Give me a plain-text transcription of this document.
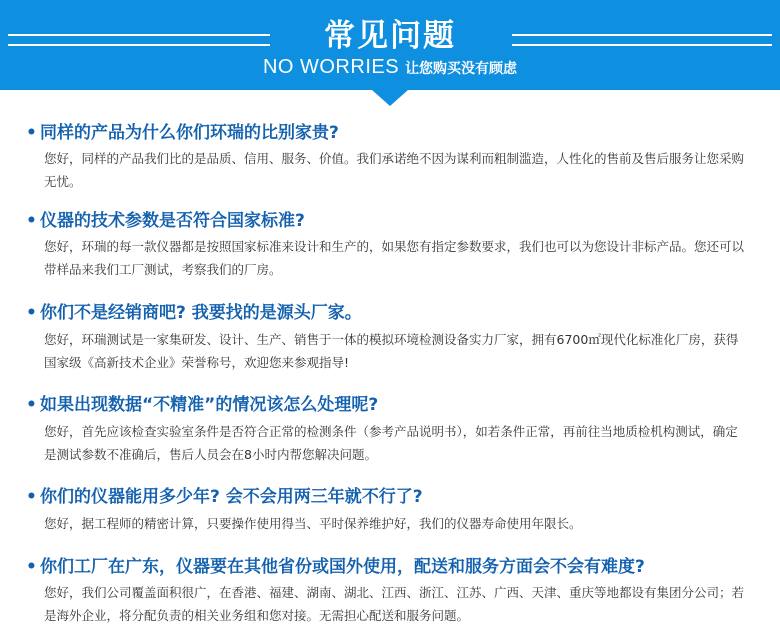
常见问题
NO WORRIES 让您购买没有顾虑
• 同样的产品为什么你们环瑞的比别家贵?
您好，同样的产品我们比的是品质、信用、服务、价值。我们承诺绝不因为谋利而粗制滥造，人性化的售前及售后服务让您采购无忧。
• 仪器的技术参数是否符合国家标准?
您好，环瑞的每一款仪器都是按照国家标准来设计和生产的，如果您有指定参数要求，我们也可以为您设计非标产品。您还可以带样品来我们工厂测试，考察我们的厂房。
• 你们不是经销商吧? 我要找的是源头厂家。
您好，环瑞测试是一家集研发、设计、生产、销售于一体的模拟环境检测设备实力厂家，拥有6700㎡现代化标准化厂房，获得国家级《高新技术企业》荣誉称号，欢迎您来参观指导!
• 如果出现数据“不精准”的情况该怎么处理呢?
您好，首先应该检查实验室条件是否符合正常的检测条件（参考产品说明书），如若条件正常，再前往当地质检机构测试，确定是测试参数不准确后，售后人员会在8小时内帮您解决问题。
• 你们的仪器能用多少年? 会不会用两三年就不行了?
您好，据工程师的精密计算，只要操作使用得当、平时保养维护好，我们的仪器寿命使用年限长。
• 你们工厂在广东，仪器要在其他省份或国外使用，配送和服务方面会不会有难度?
您好，我们公司覆盖面积很广，在香港、福建、湖南、湖北、江西、浙江、江苏、广西、天津、重庆等地都设有集团分公司；若是海外企业，将分配负责的相关业务组和您对接。无需担心配送和服务问题。
